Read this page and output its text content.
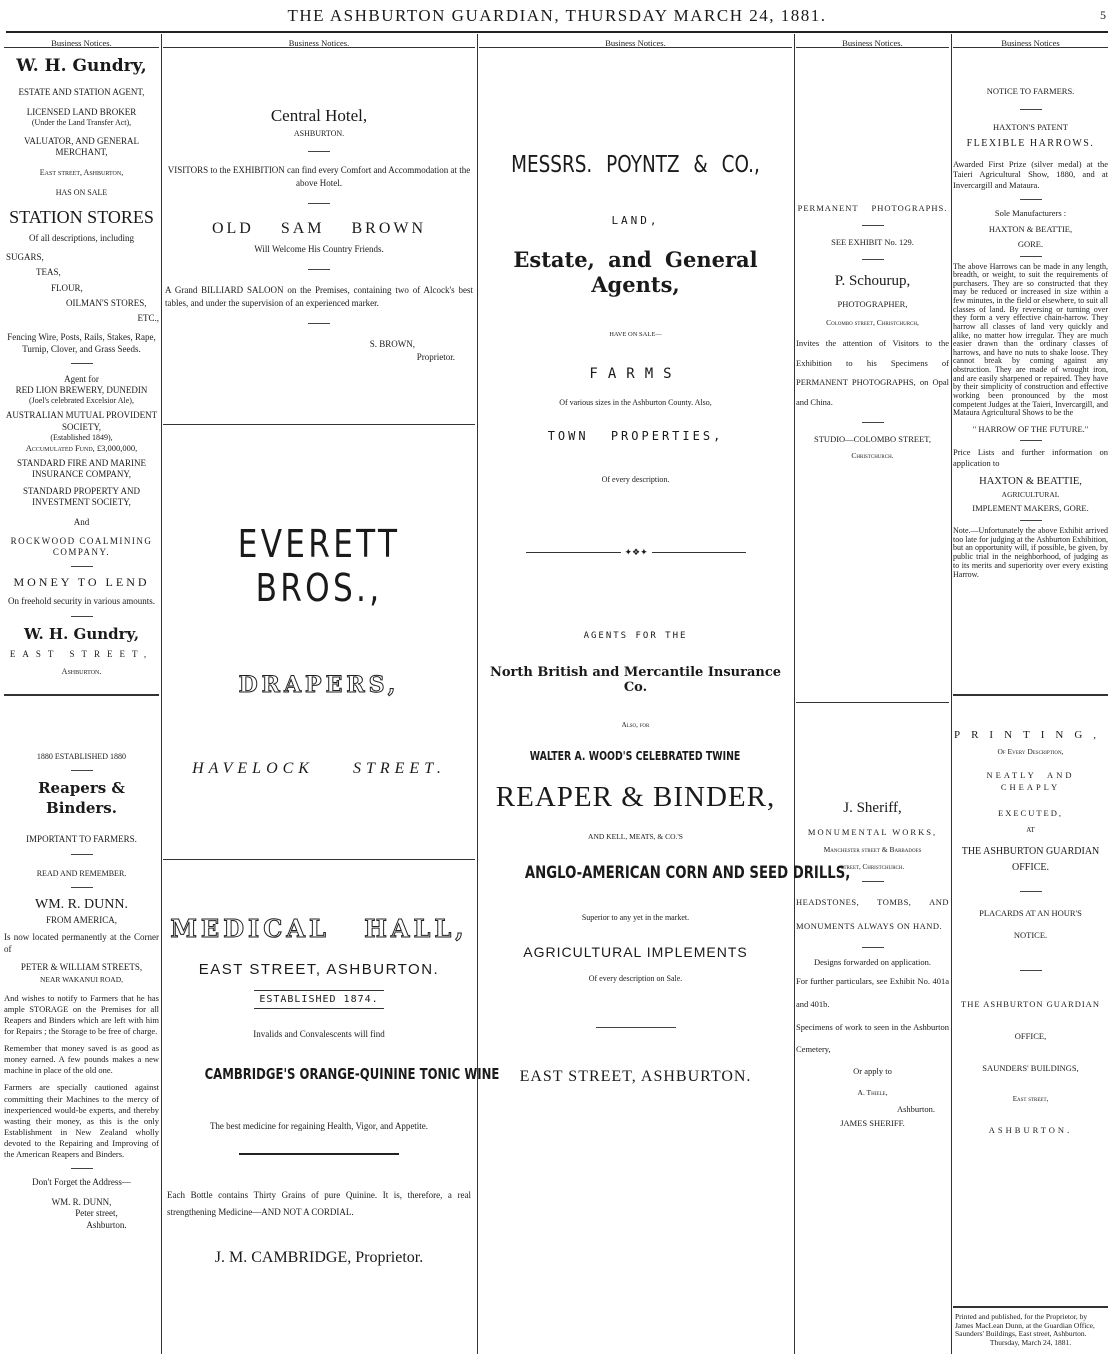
THE ASHBURTON GUARDIAN, THURSDAY MARCH 24, 1881.	5
Business Notices.
W. H. Gundry,
ESTATE AND STATION AGENT,
LICENSED LAND BROKER
(Under the Land Transfer Act),
VALUATOR, AND GENERAL MERCHANT,
East street, Ashburton,
HAS ON SALE
STATION STORES
Of all descriptions, including
SUGARS,
TEAS,
FLOUR,
OILMAN'S STORES,
ETC.,
Fencing Wire, Posts, Rails, Stakes, Rape, Turnip, Clover, and Grass Seeds.
Agent for
RED LION BREWERY, DUNEDIN
(Joel's celebrated Excelsior Ale),
AUSTRALIAN MUTUAL PROVIDENT SOCIETY,
(Established 1849),
Accumulated Fund, £3,000,000,
STANDARD FIRE AND MARINE INSURANCE COMPANY,
STANDARD PROPERTY AND INVESTMENT SOCIETY,
And
ROCKWOOD COALMINING COMPANY.
MONEY TO LEND
On freehold security in various amounts.
W. H. Gundry,
EAST STREET,
Ashburton.
1880 ESTABLISHED 1880
Reapers & Binders.
IMPORTANT TO FARMERS.
READ AND REMEMBER.
WM. R. DUNN.
FROM AMERICA,
Is now located permanently at the Corner of
PETER & WILLIAM STREETS,
NEAR WAKANUI ROAD,
And wishes to notify to Farmers that he has ample STORAGE on the Premises for all Reapers and Binders which are left with him for Repairs ; the Storage to be free of charge.
Remember that money saved is as good as money earned. A few pounds makes a new machine in place of the old one.
Farmers are specially cautioned against committing their Machines to the mercy of inexperienced would-be experts, and thereby wasting their money, as this is the only Establishment in New Zealand wholly devoted to the Repairing and Improving of the American Reapers and Binders.
Don't Forget the Address—
WM. R. DUNN,
Peter street,
Ashburton.
Business Notices.
Central Hotel,
ASHBURTON.
VISITORS to the EXHIBITION can find every Comfort and Accommodation at the above Hotel.
OLD SAM BROWN
Will Welcome His Country Friends.
A Grand BILLIARD SALOON on the Premises, containing two of Alcock's best tables, and under the supervision of an experienced marker.
S. BROWN,
Proprietor.
EVERETT BROS.,
DRAPERS,
HAVELOCK STREET.
MEDICAL HALL,
EAST STREET, ASHBURTON.
ESTABLISHED 1874.
Invalids and Convalescents will find
CAMBRIDGE'S ORANGE-QUININE TONIC WINE
The best medicine for regaining Health, Vigor, and Appetite.
Each Bottle contains Thirty Grains of pure Quinine. It is, therefore, a real strengthening Medicine—AND NOT A CORDIAL.
J. M. CAMBRIDGE, Proprietor.
Business Notices.
MESSRS. POYNTZ & CO.,
LAND,
Estate, and General Agents,
HAVE ON SALE—
FARMS
Of various sizes in the Ashburton County. Also,
TOWN PROPERTIES,
Of every description.
✦❖✦
AGENTS FOR THE
North British and Mercantile Insurance Co.
Also, for
WALTER A. WOOD'S CELEBRATED TWINE
REAPER & BINDER,
AND KELL, MEATS, & CO.'S
ANGLO-AMERICAN CORN AND SEED DRILLS,
Superior to any yet in the market.
AGRICULTURAL IMPLEMENTS
Of every description on Sale.
EAST STREET, ASHBURTON.
Business Notices.
PERMANENT PHOTOGRAPHS.
SEE EXHIBIT No. 129.
P. Schourup,
PHOTOGRAPHER,
Colombo street, Christchurch,
Invites the attention of Visitors to the Exhibition to his Specimens of PERMANENT PHOTOGRAPHS, on Opal and China.
STUDIO—COLOMBO STREET,
Christchurch.
J. Sheriff,
MONUMENTAL WORKS,
Manchester street & Barbadoes
street, Christchurch.
HEADSTONES, TOMBS, AND MONUMENTS ALWAYS ON HAND.
Designs forwarded on application.
For further particulars, see Exhibit No. 401a and 401b.
Specimens of work to seen in the Ashburton Cemetery,
Or apply to
A. Thiele,
Ashburton.
JAMES SHERIFF.
Business Notices
NOTICE TO FARMERS.
HAXTON'S PATENT
FLEXIBLE HARROWS.
Awarded First Prize (silver medal) at the Taieri Agricultural Show, 1880, and at Invercargill and Mataura.
Sole Manufacturers :
HAXTON & BEATTIE,
GORE.
The above Harrows can be made in any length, breadth, or weight, to suit the requirements of purchasers. They are so constructed that they may be reduced or increased in size within a few minutes, in the field or elsewhere, to suit all classes of land. By reversing or turning over they form a very effective chain-harrow. They harrow all classes of land very quickly and alike, no matter how irregular. They are much easier drawn than the ordinary classes of harrows, and have no nuts to shake loose. They cannot break by coming against any obstruction. They are made of wrought iron, and are easily sharpened or repaired. They have by their simplicity of construction and effective working been pronounced by the most competent Judges at the Taieri, Invercargill, and Mataura Agricultural Shows to be the
" HARROW OF THE FUTURE."
Price Lists and further information on application to
HAXTON & BEATTIE,
AGRICULTURAL
IMPLEMENT MAKERS, GORE.
Note.—Unfortunately the above Exhibit arrived too late for judging at the Ashburton Exhibition, but an opportunity will, if possible, be given, by public trial in the neighborhood, of judging as to its merits and superiority over every existing Harrow.
PRINTING,
Of Every Description,
NEATLY AND CHEAPLY
EXECUTED,
AT
THE ASHBURTON GUARDIAN
OFFICE.
PLACARDS AT AN HOUR'S
NOTICE.
THE ASHBURTON GUARDIAN
OFFICE,
SAUNDERS' BUILDINGS,
East street,
ASHBURTON.
Printed and published, for the Proprietor, by James MacLean Dunn, at the Guardian Office, Saunders' Buildings, East street, Ashburton.
Thursday, March 24, 1881.
